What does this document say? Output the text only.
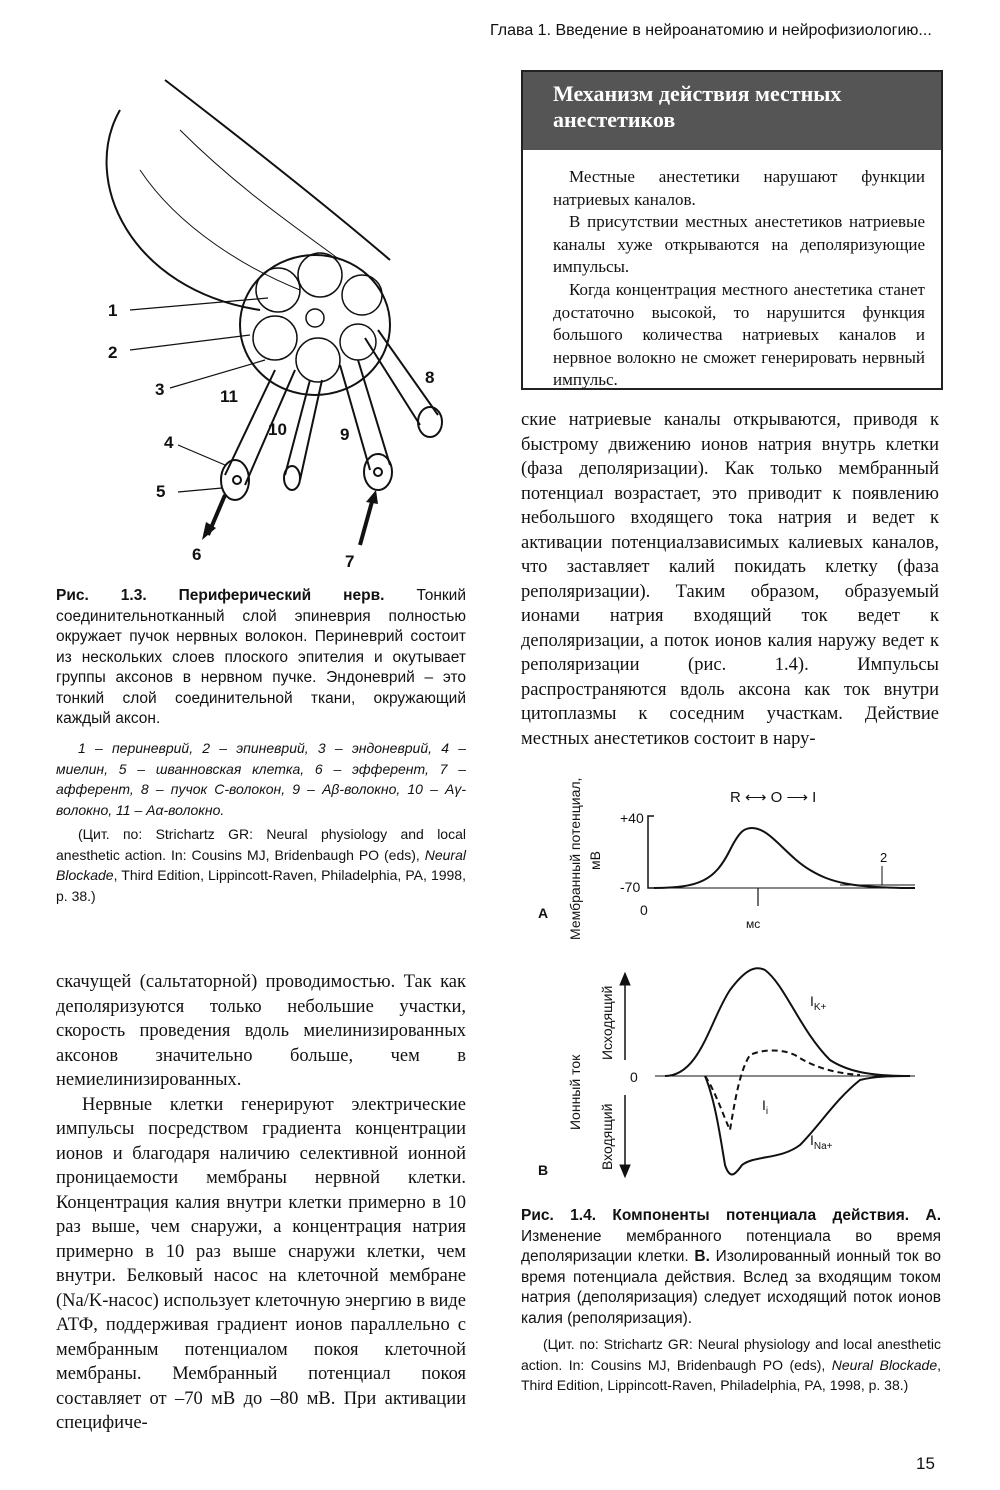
Глава 1. Введение в нейроанатомию и нейрофизиологию...
1
2
3
4
5
6	7
8
9
10
11
Рис. 1.3. Периферический нерв. Тонкий соединительнотканный слой эпиневрия полностью окружает пучок нервных волокон. Периневрий состоит из нескольких слоев плоского эпителия и окутывает группы аксонов в нервном пучке. Эндоневрий – это тонкий слой соединительной ткани, окружающий каждый аксон.
1 – периневрий, 2 – эпиневрий, 3 – эндоневрий, 4 – миелин, 5 – шванновская клетка, 6 – эфферент, 7 – афферент, 8 – пучок С-волокон, 9 – Aβ-волокно, 10 – Aγ-волокно, 11 – Aα-волокно.
(Цит. по: Strichartz GR: Neural physiology and local anesthetic action. In: Cousins MJ, Bridenbaugh PO (eds), Neural Blockade, Third Edition, Lippincott-Raven, Philadelphia, PA, 1998, p. 38.)
Механизм действия местных анестетиков

Местные анестетики нарушают функции натриевых каналов.

В присутствии местных анестетиков натриевые каналы хуже открываются на деполяризующие импульсы.

Когда концентрация местного анестетика станет достаточно высокой, то нарушится функция большого количества натриевых каналов и нервное волокно не сможет генерировать нервный импульс.

ские натриевые каналы открываются, приводя к быстрому движению ионов натрия внутрь клетки (фаза деполяризации). Как только мембранный потенциал возрастает, это приводит к появлению небольшого входящего тока натрия и ведет к активации потенциалзависимых калиевых каналов, что заставляет калий покидать клетку (фаза реполяризации). Таким образом, образуемый ионами натрия входящий ток ведет к деполяризации, а поток ионов калия наружу ведет к реполяризации (рис. 1.4). Импульсы распространяются вдоль аксона как ток внутри цитоплазмы к соседним участкам. Действие местных анестетиков состоит в нару-

скачущей (сальтаторной) проводимостью. Так как деполяризуются только небольшие участки, скорость проведения вдоль миелинизированных аксонов значительно больше, чем в немиелинизированных.

Нервные клетки генерируют электрические импульсы посредством градиента концентрации ионов и благодаря наличию селективной ионной проницаемости мембраны нервной клетки. Концентрация калия внутри клетки примерно в 10 раз выше, чем снаружи, а концентрация натрия примерно в 10 раз выше снаружи клетки, чем внутри. Белковый насос на клеточной мембране (Na/K-насос) использует клеточную энергию в виде АТФ, поддерживая градиент ионов параллельно с мембранным потенциалом покоя клеточной мембраны. Мембранный потенциал покоя составляет от –70 мВ до –80 мВ. При активации специфиче-

А Мембранный потенциал, мВ
+40
-70
0
R ⟷ O ⟶ I
мс
2
В
Ионный ток
Исходящий
Входящий
0
$I_{K+}$
$I_i$
$I_{Na+}$
Рис. 1.4. Компоненты потенциала действия. А. Изменение мембранного потенциала во время деполяризации клетки. В. Изолированный ионный ток во время потенциала действия. Вслед за входящим током натрия (деполяризация) следует исходящий поток ионов калия (реполяризация).
(Цит. по: Strichartz GR: Neural physiology and local anesthetic action. In: Cousins MJ, Bridenbaugh PO (eds), Neural Blockade, Third Edition, Lippincott-Raven, Philadelphia, PA, 1998, p. 38.)
15
